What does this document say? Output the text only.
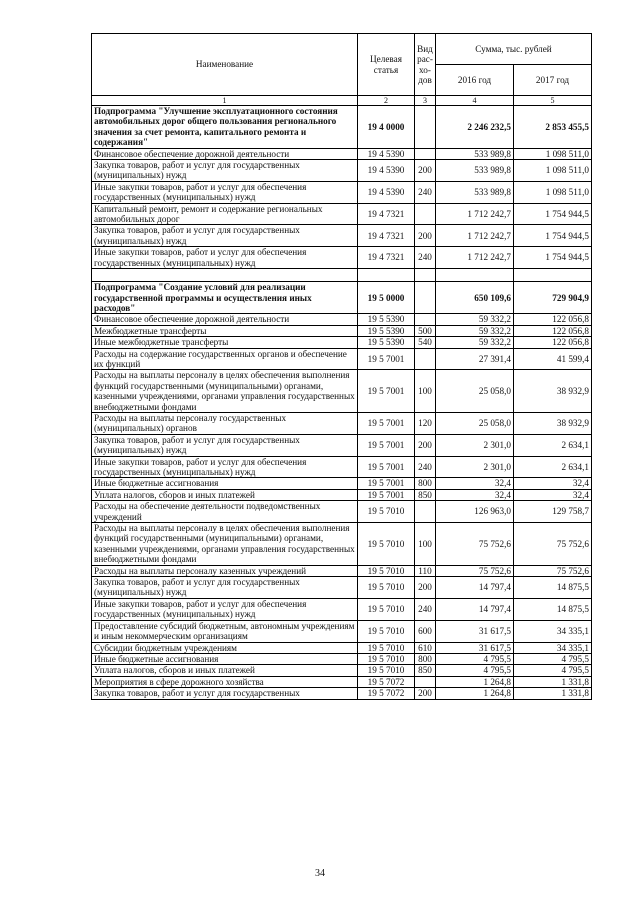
Наименование	Целевая статья	Вид рас-хо-дов	Сумма, тыс. рублей	
			2016 год	2017 год
1	2	3	4	5
Подпрограмма "Улучшение эксплуатационного состояния автомобильных дорог общего пользования регионального значения за счет ремонта, капитального ремонта и содержания"	19 4 0000		2 246 232,5	2 853 455,5
Финансовое обеспечение дорожной деятельности	19 4 5390		533 989,8	1 098 511,0
Закупка товаров, работ и услуг для государственных (муниципальных) нужд	19 4 5390	200	533 989,8	1 098 511,0
Иные закупки товаров, работ и услуг для обеспечения государственных (муниципальных) нужд	19 4 5390	240	533 989,8	1 098 511,0
Капитальный ремонт, ремонт и содержание региональных автомобильных дорог	19 4 7321		1 712 242,7	1 754 944,5
Закупка товаров, работ и услуг для государственных (муниципальных) нужд	19 4 7321	200	1 712 242,7	1 754 944,5
Иные закупки товаров, работ и услуг для обеспечения государственных (муниципальных) нужд	19 4 7321	240	1 712 242,7	1 754 944,5

Подпрограмма "Создание условий для реализации государственной программы и осуществления иных расходов"	19 5 0000		650 109,6	729 904,9
Финансовое обеспечение дорожной деятельности	19 5 5390		59 332,2	122 056,8
Межбюджетные трансферты	19 5 5390	500	59 332,2	122 056,8
Иные межбюджетные трансферты	19 5 5390	540	59 332,2	122 056,8
Расходы на содержание государственных органов и обеспечение их функций	19 5 7001		27 391,4	41 599,4
Расходы на выплаты персоналу в целях обеспечения выполнения функций государственными (муниципальными) органами, казенными учреждениями, органами управления государственных внебюджетными фондами	19 5 7001	100	25 058,0	38 932,9
Расходы на выплаты персоналу государственных (муниципальных) органов	19 5 7001	120	25 058,0	38 932,9
Закупка товаров, работ и услуг для государственных (муниципальных) нужд	19 5 7001	200	2 301,0	2 634,1
Иные закупки товаров, работ и услуг для обеспечения государственных (муниципальных) нужд	19 5 7001	240	2 301,0	2 634,1
Иные бюджетные ассигнования	19 5 7001	800	32,4	32,4
Уплата налогов, сборов и иных платежей	19 5 7001	850	32,4	32,4
Расходы на обеспечение деятельности подведомственных учреждений	19 5 7010		126 963,0	129 758,7
Расходы на выплаты персоналу в целях обеспечения выполнения функций государственными (муниципальными) органами, казенными учреждениями, органами управления государственных внебюджетными фондами	19 5 7010	100	75 752,6	75 752,6
Расходы на выплаты персоналу казенных учреждений	19 5 7010	110	75 752,6	75 752,6
Закупка товаров, работ и услуг для государственных (муниципальных) нужд	19 5 7010	200	14 797,4	14 875,5
Иные закупки товаров, работ и услуг для обеспечения государственных (муниципальных) нужд	19 5 7010	240	14 797,4	14 875,5
Предоставление субсидий бюджетным, автономным учреждениям и иным некоммерческим организациям	19 5 7010	600	31 617,5	34 335,1
Субсидии бюджетным учреждениям	19 5 7010	610	31 617,5	34 335,1
Иные бюджетные ассигнования	19 5 7010	800	4 795,5	4 795,5
Уплата налогов, сборов и иных платежей	19 5 7010	850	4 795,5	4 795,5
Мероприятия в сфере дорожного хозяйства	19 5 7072		1 264,8	1 331,8
Закупка товаров, работ и услуг для государственных	19 5 7072	200	1 264,8	1 331,8
34
